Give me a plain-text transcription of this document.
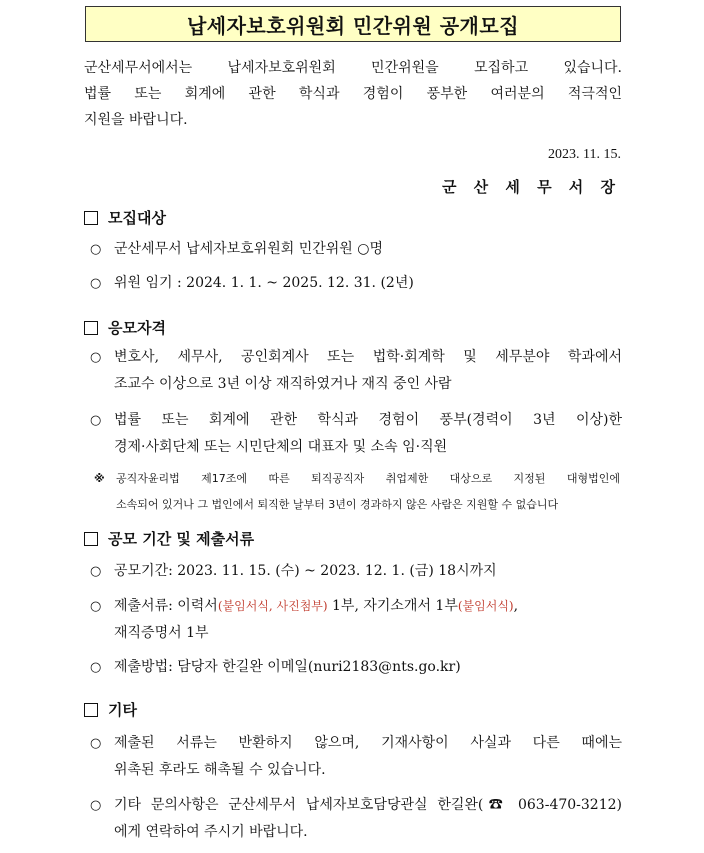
납세자보호위원회 민간위원 공개모집
군산세무서에서는 납세자보호위원회 민간위원을 모집하고 있습니다.
법률 또는 회계에 관한 학식과 경험이 풍부한 여러분의 적극적인
지원을 바랍니다.
2023. 11. 15.
군 산 세 무 서 장
모집대상
○ 군산세무서 납세자보호위원회 민간위원 ○명
○ 위원 임기 : 2024. 1. 1. ~ 2025. 12. 31. (2년)
응모자격
○ 변호사, 세무사, 공인회계사 또는 법학·회계학 및 세무분야 학과에서
조교수 이상으로 3년 이상 재직하였거나 재직 중인 사람
○ 법률 또는 회계에 관한 학식과 경험이 풍부(경력이 3년 이상)한
경제·사회단체 또는 시민단체의 대표자 및 소속 임·직원
※ 공직자윤리법 제17조에 따른 퇴직공직자 취업제한 대상으로 지정된 대형법인에
소속되어 있거나 그 법인에서 퇴직한 날부터 3년이 경과하지 않은 사람은 지원할 수 없습니다
공모 기간 및 제출서류
○ 공모기간: 2023. 11. 15. (수) ~ 2023. 12. 1. (금) 18시까지
○ 제출서류: 이력서(붙임서식, 사진첨부) 1부, 자기소개서 1부(붙임서식),
재직증명서 1부
○ 제출방법: 담당자 한길완 이메일(nuri2183@nts.go.kr)
기타
○ 제출된 서류는 반환하지 않으며, 기재사항이 사실과 다른 때에는
위촉된 후라도 해촉될 수 있습니다.
○ 기타 문의사항은 군산세무서 납세자보호담당관실 한길완(☎ 063-470-3212)
에게 연락하여 주시기 바랍니다.
